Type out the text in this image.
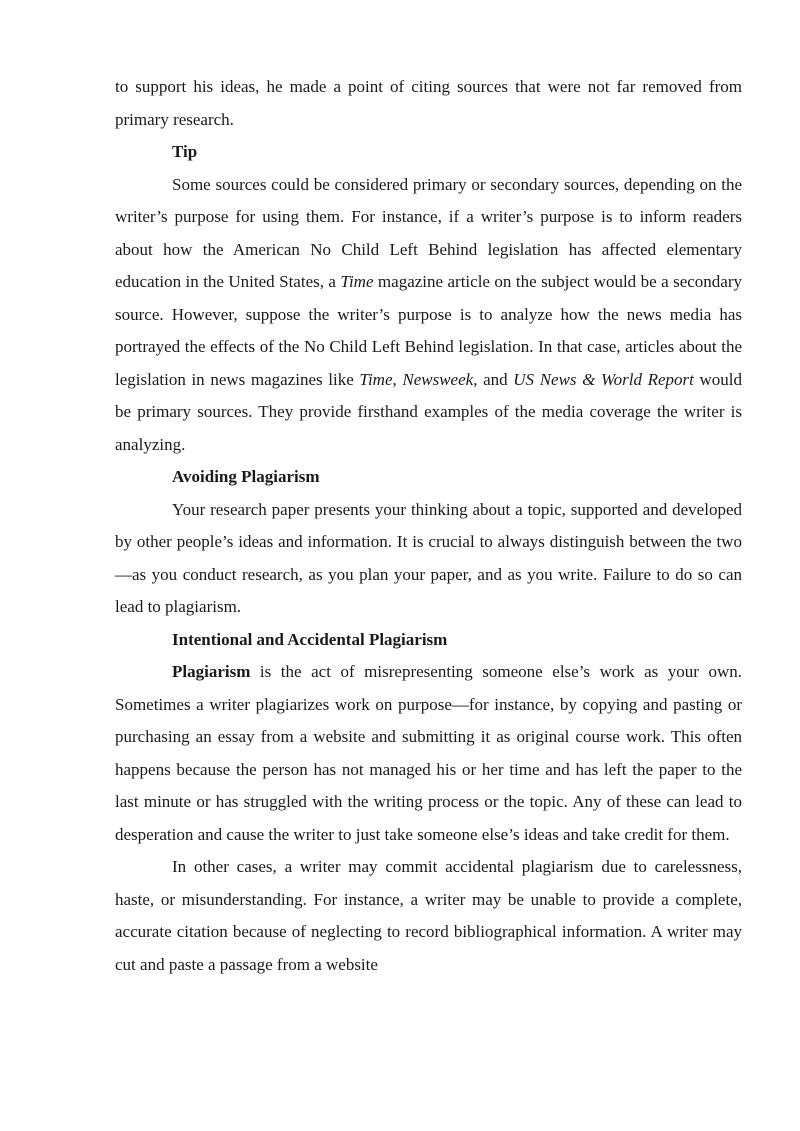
to support his ideas, he made a point of citing sources that were not far removed from primary research.

Tip

Some sources could be considered primary or secondary sources, depending on the writer’s purpose for using them. For instance, if a writer’s purpose is to inform readers about how the American No Child Left Behind legislation has affected elementary education in the United States, a Time magazine article on the subject would be a secondary source. However, suppose the writer’s purpose is to analyze how the news media has portrayed the effects of the No Child Left Behind legislation. In that case, articles about the legislation in news magazines like Time, Newsweek, and US News & World Report would be primary sources. They provide firsthand examples of the media coverage the writer is analyzing.

Avoiding Plagiarism

Your research paper presents your thinking about a topic, supported and developed by other people’s ideas and information. It is crucial to always distinguish between the two—as you conduct research, as you plan your paper, and as you write. Failure to do so can lead to plagiarism.

Intentional and Accidental Plagiarism

Plagiarism is the act of misrepresenting someone else’s work as your own. Sometimes a writer plagiarizes work on purpose—for instance, by copying and pasting or purchasing an essay from a website and submitting it as original course work. This often happens because the person has not managed his or her time and has left the paper to the last minute or has struggled with the writing process or the topic. Any of these can lead to desperation and cause the writer to just take someone else’s ideas and take credit for them.

In other cases, a writer may commit accidental plagiarism due to carelessness, haste, or misunderstanding. For instance, a writer may be unable to provide a complete, accurate citation because of neglecting to record bibliographical information. A writer may cut and paste a passage from a website
